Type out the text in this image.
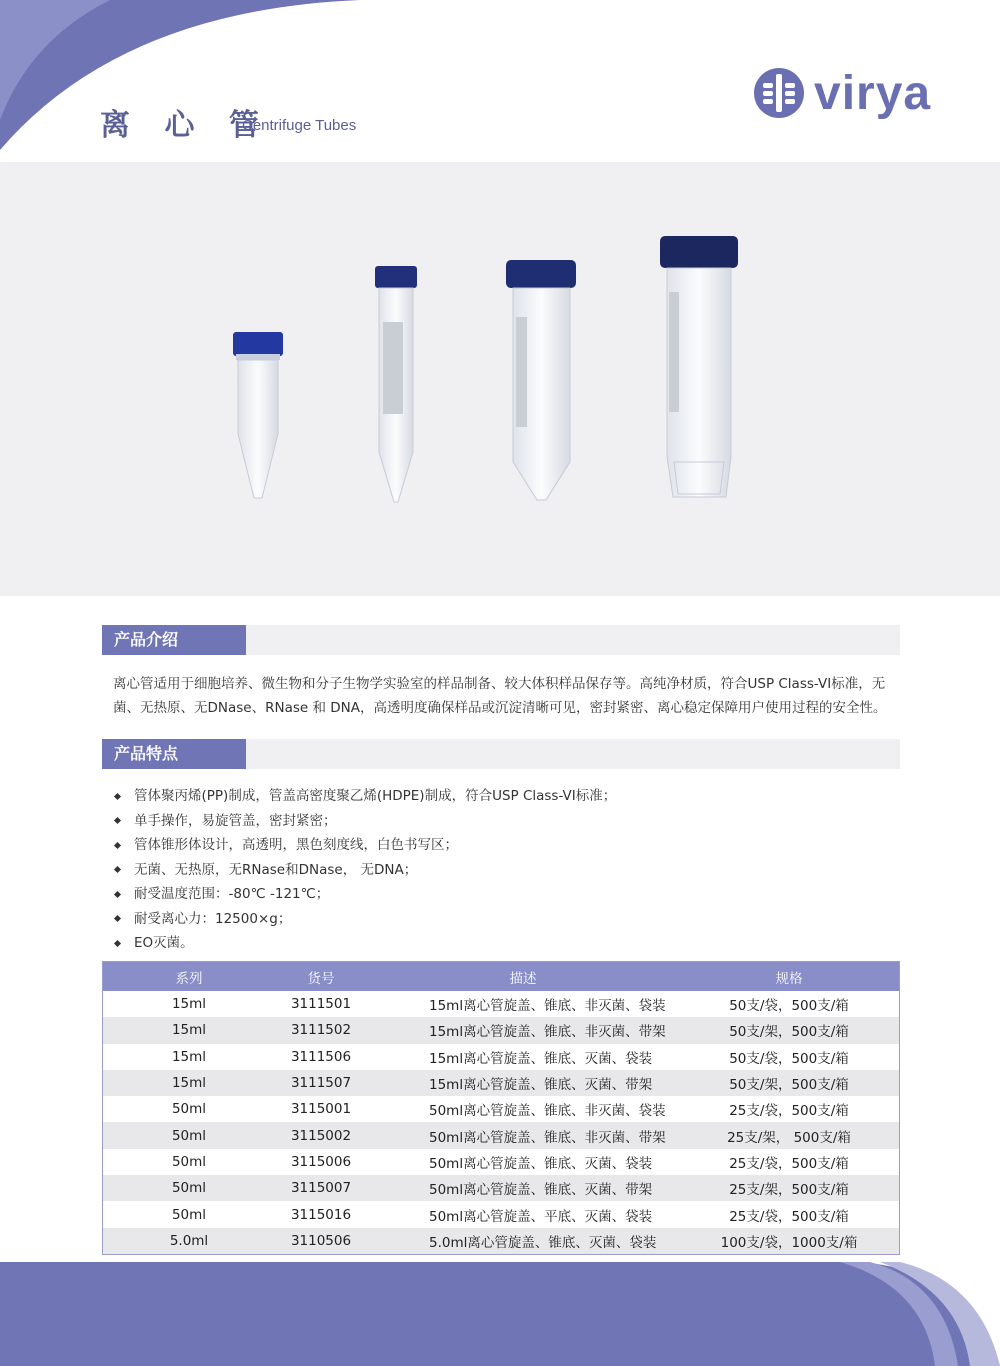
离 心 管
Centrifuge Tubes
virya
产品介绍
离心管适用于细胞培养、微生物和分子生物学实验室的样品制备、较大体积样品保存等。高纯净材质，符合USP Class-VI标准，无
菌、无热原、无DNase、RNase 和 DNA，高透明度确保样品或沉淀清晰可见，密封紧密、离心稳定保障用户使用过程的安全性。
产品特点
管体聚丙烯(PP)制成，管盖高密度聚乙烯(HDPE)制成，符合USP Class-VI标准；
单手操作，易旋管盖，密封紧密；
管体锥形体设计，高透明，黑色刻度线，白色书写区；
无菌、无热原，无RNase和DNase， 无DNA；
耐受温度范围：-80℃ -121℃；
耐受离心力：12500×g；
EO灭菌。
系列	货号	描述	规格
15ml	3111501	15ml离心管旋盖、锥底、非灭菌、袋装	50支/袋，500支/箱
15ml	3111502	15ml离心管旋盖、锥底、非灭菌、带架	50支/架，500支/箱
15ml	3111506	15ml离心管旋盖、锥底、灭菌、袋装	50支/袋，500支/箱
15ml	3111507	15ml离心管旋盖、锥底、灭菌、带架	50支/架，500支/箱
50ml	3115001	50ml离心管旋盖、锥底、非灭菌、袋装	25支/袋，500支/箱
50ml	3115002	50ml离心管旋盖、锥底、非灭菌、带架	25支/架， 500支/箱
50ml	3115006	50ml离心管旋盖、锥底、灭菌、袋装	25支/袋，500支/箱
50ml	3115007	50ml离心管旋盖、锥底、灭菌、带架	25支/架，500支/箱
50ml	3115016	50ml离心管旋盖、平底、灭菌、袋装	25支/袋，500支/箱
5.0ml	3110506	5.0ml离心管旋盖、锥底、灭菌、袋装	100支/袋，1000支/箱
